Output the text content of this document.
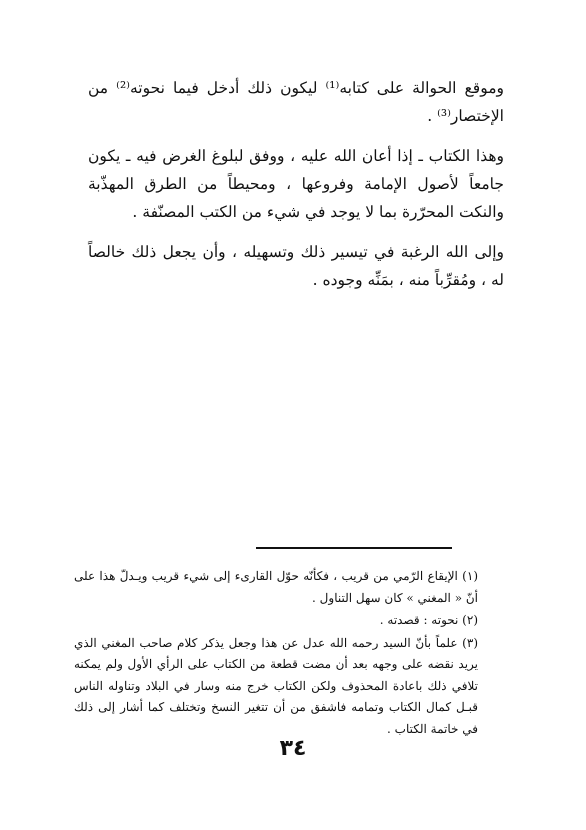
وموقع الحوالة على كتابه⁽¹⁾ ليكون ذلك أدخل فيما نحوته⁽²⁾ من الإختصار⁽³⁾ .

وهذا الكتاب ـ إذا أعان الله عليه ، ووفق لبلوغ الغرض فيه ـ يكون جامعاً لأصول الإمامة وفروعها ، ومحيطاً من الطرق المهذّبة والنكت المحرّرة بما لا يوجد في شيء من الكتب المصنّفة .

وإلى الله الرغبة في تيسير ذلك وتسهيله ، وأن يجعل ذلك خالصاً له ، ومُقرِّباً منه ، بمَنِّه وجوده .

(١) الإيقاع الرّمي من قريب ، فكأنّه حوّل القارىء إلى شيء قريب ويـدلّ هذا على أنّ « المغني » كان سهل التناول .

(٢) نحوته : قصدته .

(٣) علماً بأنّ السيد رحمه الله عدل عن هذا وجعل يذكر كلام صاحب المغني الذي يريد نقضه على وجهه بعد أن مضت قطعة من الكتاب على الرأي الأول ولم يمكنه تلافي ذلك باعادة المحذوف ولكن الكتاب خرج منه وسار في البلاد وتناوله الناس قبـل كمال الكتاب وتمامه فاشفق من أن تتغير النسخ وتختلف كما أشار إلى ذلك في خاتمة الكتاب .

٣٤
